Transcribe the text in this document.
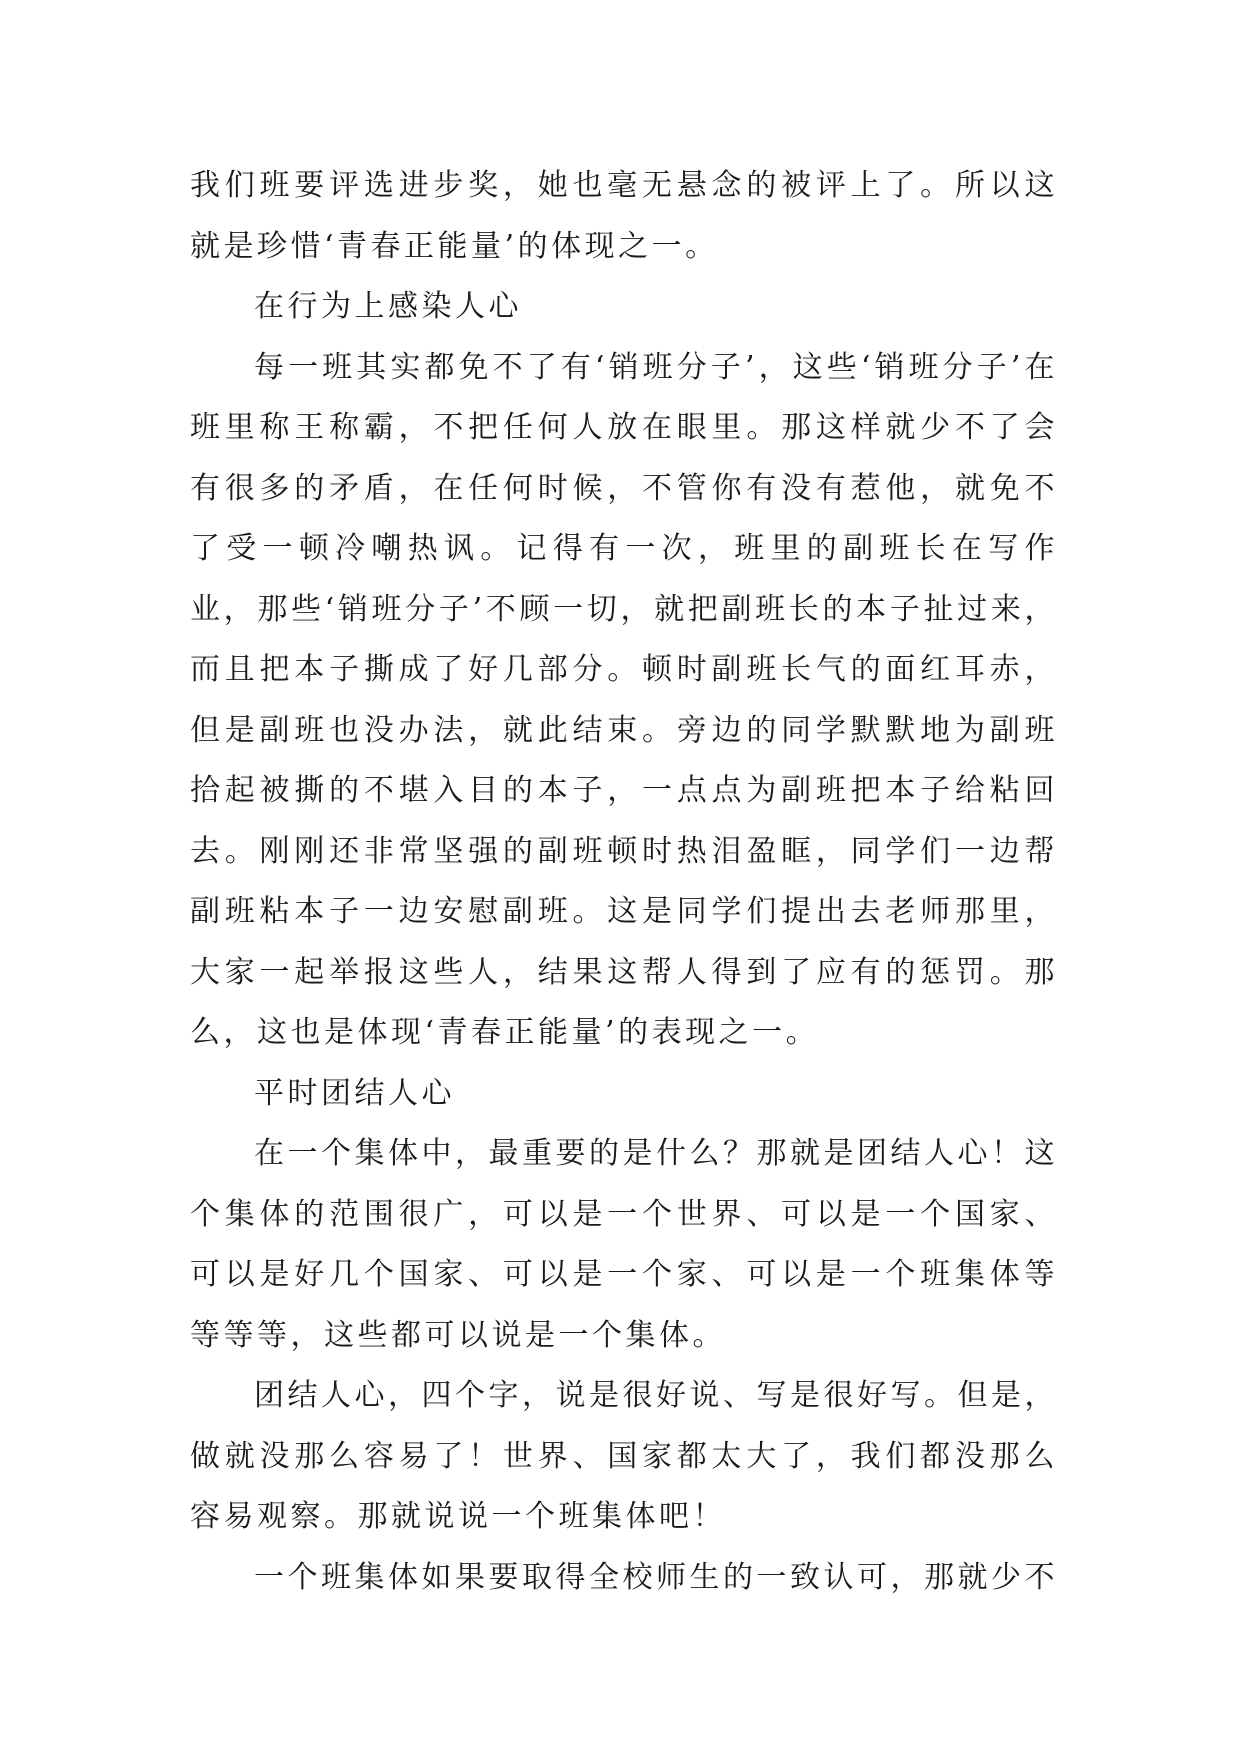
我们班要评选进步奖，她也毫无悬念的被评上了。所以这就是珍惜‘青春正能量’的体现之一。

在行为上感染人心

每一班其实都免不了有‘销班分子’，这些‘销班分子’在班里称王称霸，不把任何人放在眼里。那这样就少不了会有很多的矛盾，在任何时候，不管你有没有惹他，就免不了受一顿冷嘲热讽。记得有一次，班里的副班长在写作业，那些‘销班分子’不顾一切，就把副班长的本子扯过来，而且把本子撕成了好几部分。顿时副班长气的面红耳赤，但是副班也没办法，就此结束。旁边的同学默默地为副班拾起被撕的不堪入目的本子，一点点为副班把本子给粘回去。刚刚还非常坚强的副班顿时热泪盈眶，同学们一边帮副班粘本子一边安慰副班。这是同学们提出去老师那里，大家一起举报这些人，结果这帮人得到了应有的惩罚。那么，这也是体现‘青春正能量’的表现之一。

平时团结人心

在一个集体中，最重要的是什么？那就是团结人心！这个集体的范围很广，可以是一个世界、可以是一个国家、可以是好几个国家、可以是一个家、可以是一个班集体等等等等，这些都可以说是一个集体。

团结人心，四个字，说是很好说、写是很好写。但是，做就没那么容易了！世界、国家都太大了，我们都没那么容易观察。那就说说一个班集体吧！

一个班集体如果要取得全校师生的一致认可，那就少不
